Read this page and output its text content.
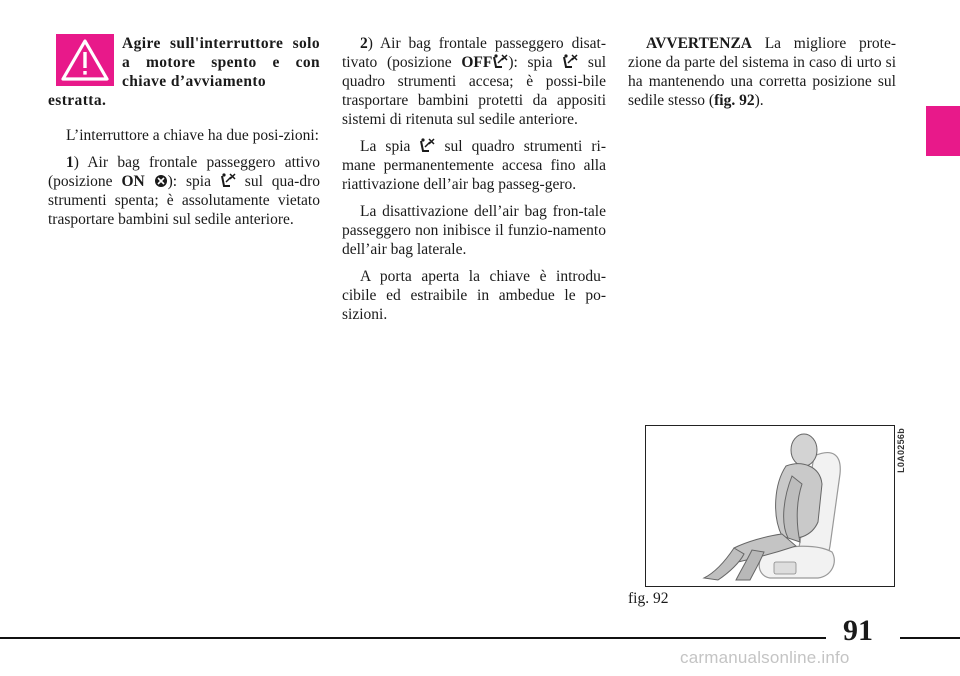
Agire sull'interruttore solo a motore spento e con chiave d’avviamento
estratta.

L’interruttore a chiave ha due posi-zioni:

1) Air bag frontale passeggero attivo (posizione ON ): spia  sul qua-dro strumenti spenta; è assolutamente vietato trasportare bambini sul sedile anteriore.

2) Air bag frontale passeggero disat-tivato (posizione OFF ): spia  sul quadro strumenti accesa; è possi-bile trasportare bambini protetti da appositi sistemi di ritenuta sul sedile anteriore.

La spia  sul quadro strumenti ri-mane permanentemente accesa fino alla riattivazione dell’air bag passeg-gero.

La disattivazione dell’air bag fron-tale passeggero non inibisce il funzio-namento dell’air bag laterale.

A porta aperta la chiave è introdu-cibile ed estraibile in ambedue le po-sizioni.

AVVERTENZA La migliore prote-zione da parte del sistema in caso di urto si ha mantenendo una corretta posizione sul sedile stesso (fig. 92).

L0A0256b
fig. 92
91
carmanualsonline.info
